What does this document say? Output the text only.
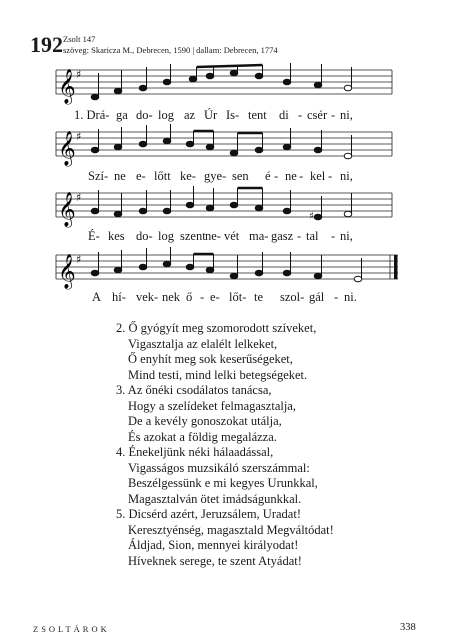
192 Zsolt 147
szöveg: Skaricza M., Debrecen, 1590 | dallam: Debrecen, 1774
𝄞 ♯
1. Drá- ga do- log az Úr Is- tent di - csér - ni,
𝄞 ♯
Szí- ne e- lőtt ke- gye- sen é - ne - kel - ni,
𝄞 ♯
♯
É- kes do- log szent ne- vét ma- gasz - tal - ni,
𝄞 ♯
A hí- vek- nek ő - e- lőt- te szol- gál - ni.
2. Ő gyógyít meg szomorodott szíveket,
Vigasztalja az elalélt lelkeket,
Ő enyhít meg sok keserűségeket,
Mind testi, mind lelki betegségeket.
3. Az őnéki csodálatos tanácsa,
Hogy a szelídeket felmagasztalja,
De a kevély gonoszokat utálja,
És azokat a földig megalázza.
4. Énekeljünk néki hálaadással,
Vigasságos muzsikáló szerszámmal:
Beszélgessünk e mi kegyes Urunkkal,
Magasztalván ötet imádságunkkal.
5. Dicsérd azért, Jeruzsálem, Uradat!
Keresztyénség, magasztald Megváltódat!
Áldjad, Sion, mennyei királyodat!
Híveknek serege, te szent Atyádat!
ZSOLTÁROK	338
